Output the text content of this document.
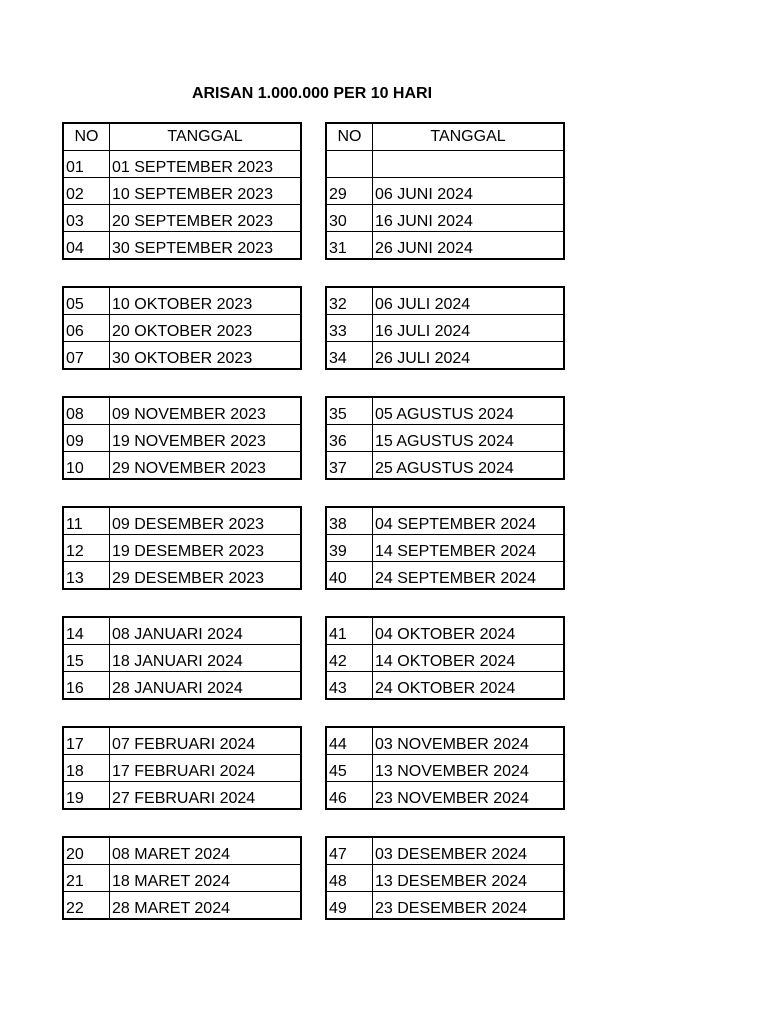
ARISAN 1.000.000 PER 10 HARI
NO	TANGGAL
01	01 SEPTEMBER 2023
02	10 SEPTEMBER 2023
03	20 SEPTEMBER 2023
04	30 SEPTEMBER 2023
05	10 OKTOBER 2023
06	20 OKTOBER 2023
07	30 OKTOBER 2023
08	09 NOVEMBER 2023
09	19 NOVEMBER 2023
10	29 NOVEMBER 2023
11	09 DESEMBER 2023
12	19 DESEMBER 2023
13	29 DESEMBER 2023
14	08 JANUARI 2024
15	18 JANUARI 2024
16	28 JANUARI 2024
17	07 FEBRUARI 2024
18	17 FEBRUARI 2024
19	27 FEBRUARI 2024
20	08 MARET 2024
21	18 MARET 2024
22	28 MARET 2024
NO	TANGGAL

29	06 JUNI 2024
30	16 JUNI 2024
31	26 JUNI 2024
32	06 JULI 2024
33	16 JULI 2024
34	26 JULI 2024
35	05 AGUSTUS 2024
36	15 AGUSTUS 2024
37	25 AGUSTUS 2024
38	04 SEPTEMBER 2024
39	14 SEPTEMBER 2024
40	24 SEPTEMBER 2024
41	04 OKTOBER 2024
42	14 OKTOBER 2024
43	24 OKTOBER 2024
44	03 NOVEMBER 2024
45	13 NOVEMBER 2024
46	23 NOVEMBER 2024
47	03 DESEMBER 2024
48	13 DESEMBER 2024
49	23 DESEMBER 2024
